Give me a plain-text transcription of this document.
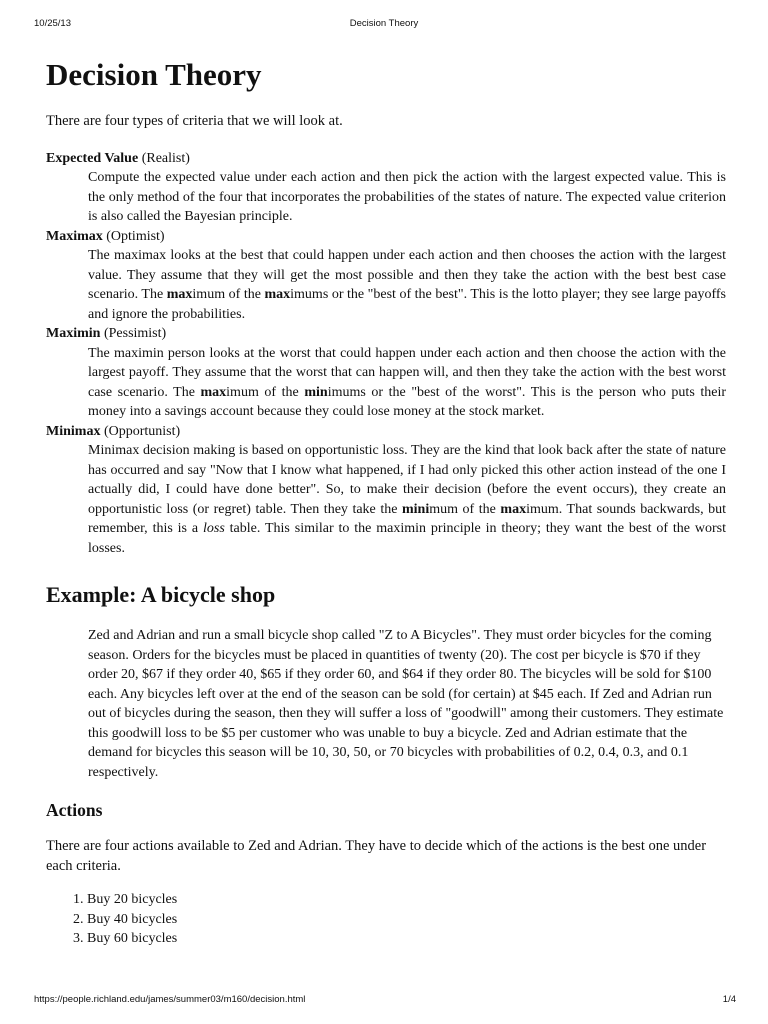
Decision Theory
10/25/13
Decision Theory

There are four types of criteria that we will look at.

Expected Value (Realist)
Compute the expected value under each action and then pick the action with the largest expected value. This is the only method of the four that incorporates the probabilities of the states of nature. The expected value criterion is also called the Bayesian principle.
Maximax (Optimist)
The maximax looks at the best that could happen under each action and then chooses the action with the largest value. They assume that they will get the most possible and then they take the action with the best best case scenario. The maximum of the maximums or the "best of the best". This is the lotto player; they see large payoffs and ignore the probabilities.
Maximin (Pessimist)
The maximin person looks at the worst that could happen under each action and then choose the action with the largest payoff. They assume that the worst that can happen will, and then they take the action with the best worst case scenario. The maximum of the minimums or the "best of the worst". This is the person who puts their money into a savings account because they could lose money at the stock market.
Minimax (Opportunist)
Minimax decision making is based on opportunistic loss. They are the kind that look back after the state of nature has occurred and say "Now that I know what happened, if I had only picked this other action instead of the one I actually did, I could have done better". So, to make their decision (before the event occurs), they create an opportunistic loss (or regret) table. Then they take the minimum of the maximum. That sounds backwards, but remember, this is a loss table. This similar to the maximin principle in theory; they want the best of the worst losses.
Example: A bicycle shop

Zed and Adrian and run a small bicycle shop called "Z to A Bicycles". They must order bicycles for the coming season. Orders for the bicycles must be placed in quantities of twenty (20). The cost per bicycle is $70 if they order 20, $67 if they order 40, $65 if they order 60, and $64 if they order 80. The bicycles will be sold for $100 each. Any bicycles left over at the end of the season can be sold (for certain) at $45 each. If Zed and Adrian run out of bicycles during the season, then they will suffer a loss of "goodwill" among their customers. They estimate this goodwill loss to be $5 per customer who was unable to buy a bicycle. Zed and Adrian estimate that the demand for bicycles this season will be 10, 30, 50, or 70 bicycles with probabilities of 0.2, 0.4, 0.3, and 0.1 respectively.

Actions

There are four actions available to Zed and Adrian. They have to decide which of the actions is the best one under each criteria.

1. Buy 20 bicycles
2. Buy 40 bicycles
3. Buy 60 bicycles
https://people.richland.edu/james/summer03/m160/decision.html	1/4
